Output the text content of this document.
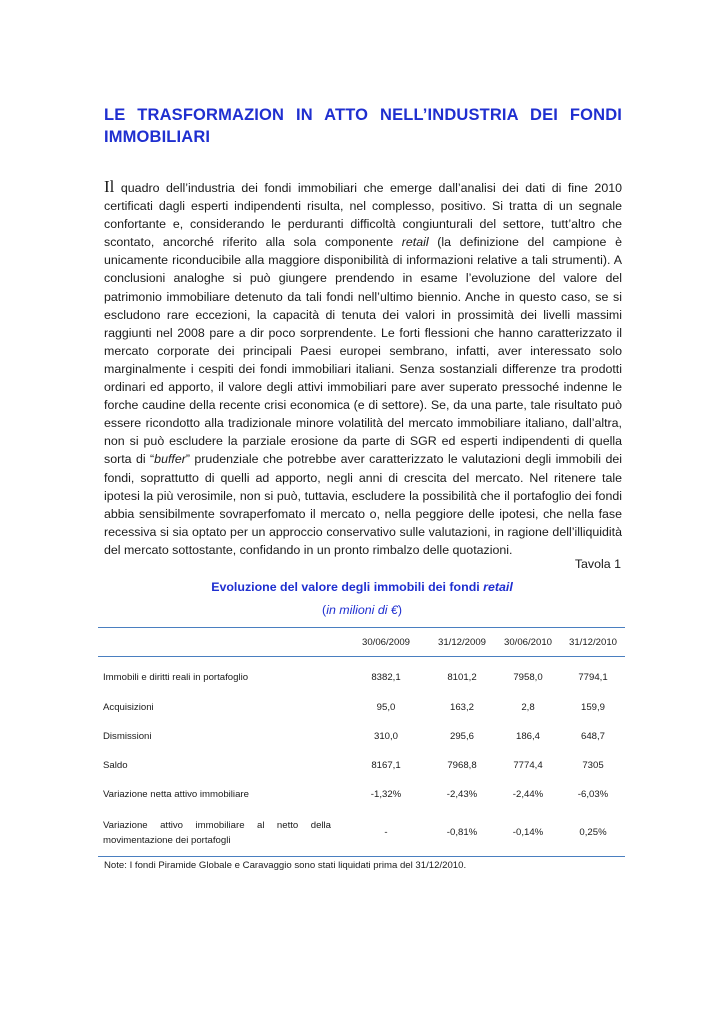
LE TRASFORMAZION IN ATTO NELL’INDUSTRIA DEI FONDI IMMOBILIARI
Il quadro dell’industria dei fondi immobiliari che emerge dall’analisi dei dati di fine 2010 certificati dagli esperti indipendenti risulta, nel complesso, positivo. Si tratta di un segnale confortante e, considerando le perduranti difficoltà congiunturali del settore, tutt’altro che scontato, ancorché riferito alla sola componente retail (la definizione del campione è unicamente riconducibile alla maggiore disponibilità di informazioni relative a tali strumenti). A conclusioni analoghe si può giungere prendendo in esame l’evoluzione del valore del patrimonio immobiliare detenuto da tali fondi nell’ultimo biennio. Anche in questo caso, se si escludono rare eccezioni, la capacità di tenuta dei valori in prossimità dei livelli massimi raggiunti nel 2008 pare a dir poco sorprendente. Le forti flessioni che hanno caratterizzato il mercato corporate dei principali Paesi europei sembrano, infatti, aver interessato solo marginalmente i cespiti dei fondi immobiliari italiani. Senza sostanziali differenze tra prodotti ordinari ed apporto, il valore degli attivi immobiliari pare aver superato pressoché indenne le forche caudine della recente crisi economica (e di settore). Se, da una parte, tale risultato può essere ricondotto alla tradizionale minore volatilità del mercato immobiliare italiano, dall’altra, non si può escludere la parziale erosione da parte di SGR ed esperti indipendenti di quella sorta di “buffer” prudenziale che potrebbe aver caratterizzato le valutazioni degli immobili dei fondi, soprattutto di quelli ad apporto, negli anni di crescita del mercato. Nel ritenere tale ipotesi la più verosimile, non si può, tuttavia, escludere la possibilità che il portafoglio dei fondi abbia sensibilmente sovraperfomato il mercato o, nella peggiore delle ipotesi, che nella fase recessiva si sia optato per un approccio conservativo sulle valutazioni, in ragione dell’illiquidità del mercato sottostante, confidando in un pronto rimbalzo delle quotazioni.
Tavola 1
Evoluzione del valore degli immobili dei fondi retail
(in milioni di €)
	30/06/2009	31/12/2009	30/06/2010	31/12/2010
Immobili e diritti reali in portafoglio	8382,1	8101,2	7958,0	7794,1
Acquisizioni	95,0	163,2	2,8	159,9
Dismissioni	310,0	295,6	186,4	648,7
Saldo	8167,1	7968,8	7774,4	7305
Variazione netta attivo immobiliare	-1,32%	-2,43%	-2,44%	-6,03%

Variazione attivo immobiliare al netto della movimentazione dei portafogli	-	-0,81%	-0,14%	0,25%
Note: I fondi Piramide Globale e Caravaggio sono stati liquidati prima del 31/12/2010.
